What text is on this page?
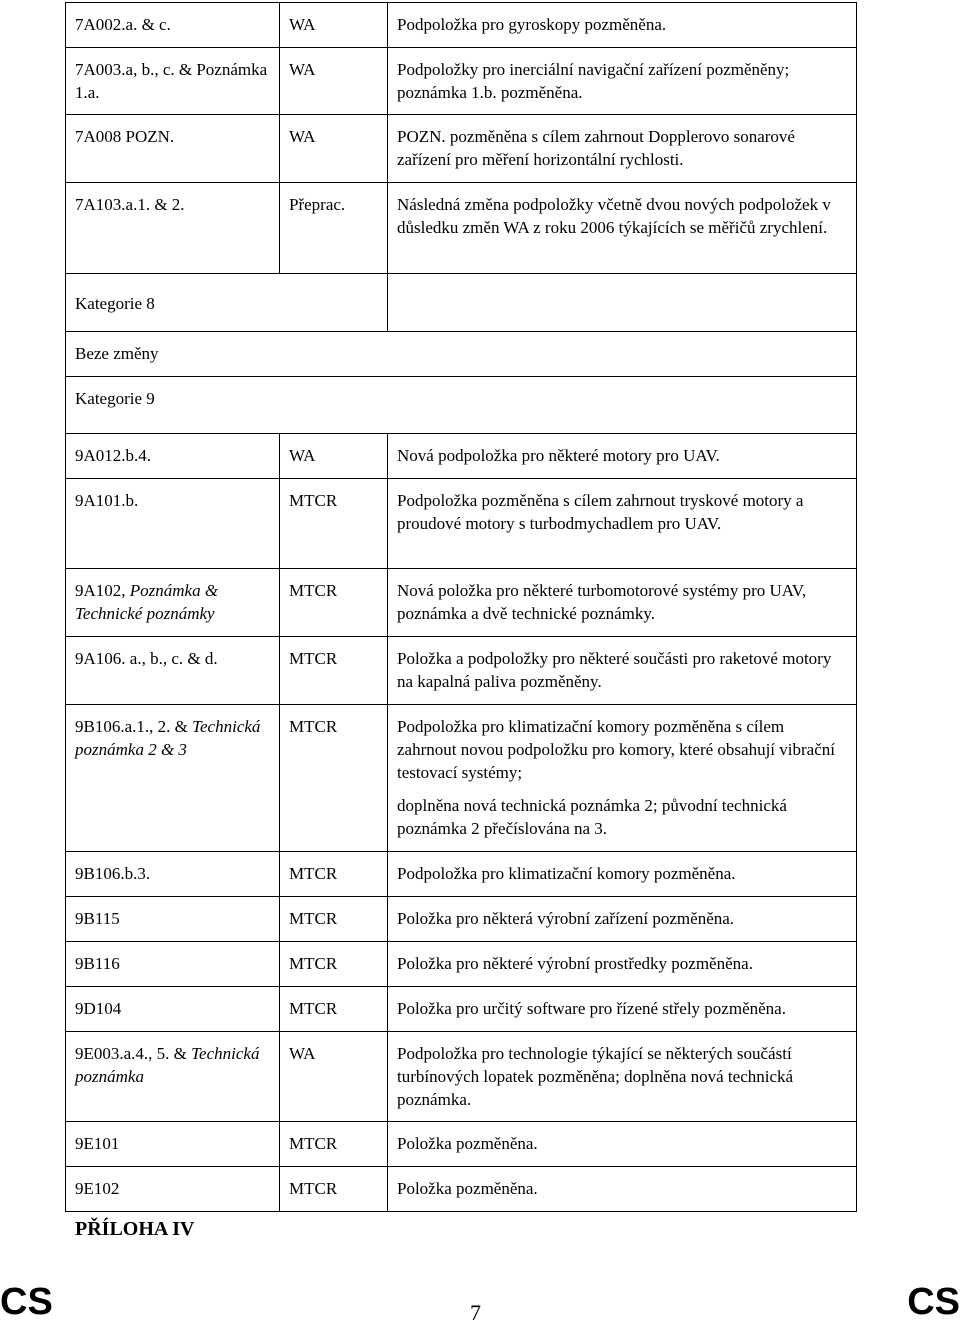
7A002.a. & c.	WA	Podpoložka pro gyroskopy pozměněna.
7A003.a, b., c. & Poznámka 1.a.	WA	Podpoložky pro inerciální navigační zařízení pozměněny; poznámka 1.b. pozměněna.
7A008 POZN.	WA	POZN. pozměněna s cílem zahrnout Dopplerovo sonarové zařízení pro měření horizontální rychlosti.
7A103.a.1. & 2.	Přeprac.	Následná změna podpoložky včetně dvou nových podpoložek v důsledku změn WA z roku 2006 týkajících se měřičů zrychlení.
Kategorie 8		
Beze změny		
Kategorie 9		
9A012.b.4.	WA	Nová podpoložka pro některé motory pro UAV.
9A101.b.	MTCR	Podpoložka pozměněna s cílem zahrnout tryskové motory a proudové motory s turbodmychadlem pro UAV.
9A102, Poznámka & Technické poznámky	MTCR	Nová položka pro některé turbomotorové systémy pro UAV, poznámka a dvě technické poznámky.
9A106. a., b., c. & d.	MTCR	Položka a podpoložky pro některé součásti pro raketové motory na kapalná paliva pozměněny.
9B106.a.1., 2. & Technická poznámka 2 & 3	MTCR	Podpoložka pro klimatizační komory pozměněna s cílem zahrnout novou podpoložku pro komory, které obsahují vibrační testovací systémy;
doplněna nová technická poznámka 2; původní technická poznámka 2 přečíslována na 3.

9B106.b.3.	MTCR	Podpoložka pro klimatizační komory pozměněna.
9B115	MTCR	Položka pro některá výrobní zařízení pozměněna.
9B116	MTCR	Položka pro některé výrobní prostředky pozměněna.
9D104	MTCR	Položka pro určitý software pro řízené střely pozměněna.
9E003.a.4., 5. & Technická poznámka	WA	Podpoložka pro technologie týkající se některých součástí turbínových lopatek pozměněna; doplněna nová technická poznámka.
9E101	MTCR	Položka pozměněna.
9E102	MTCR	Položka pozměněna.
PŘÍLOHA IV
CS	7	CS
